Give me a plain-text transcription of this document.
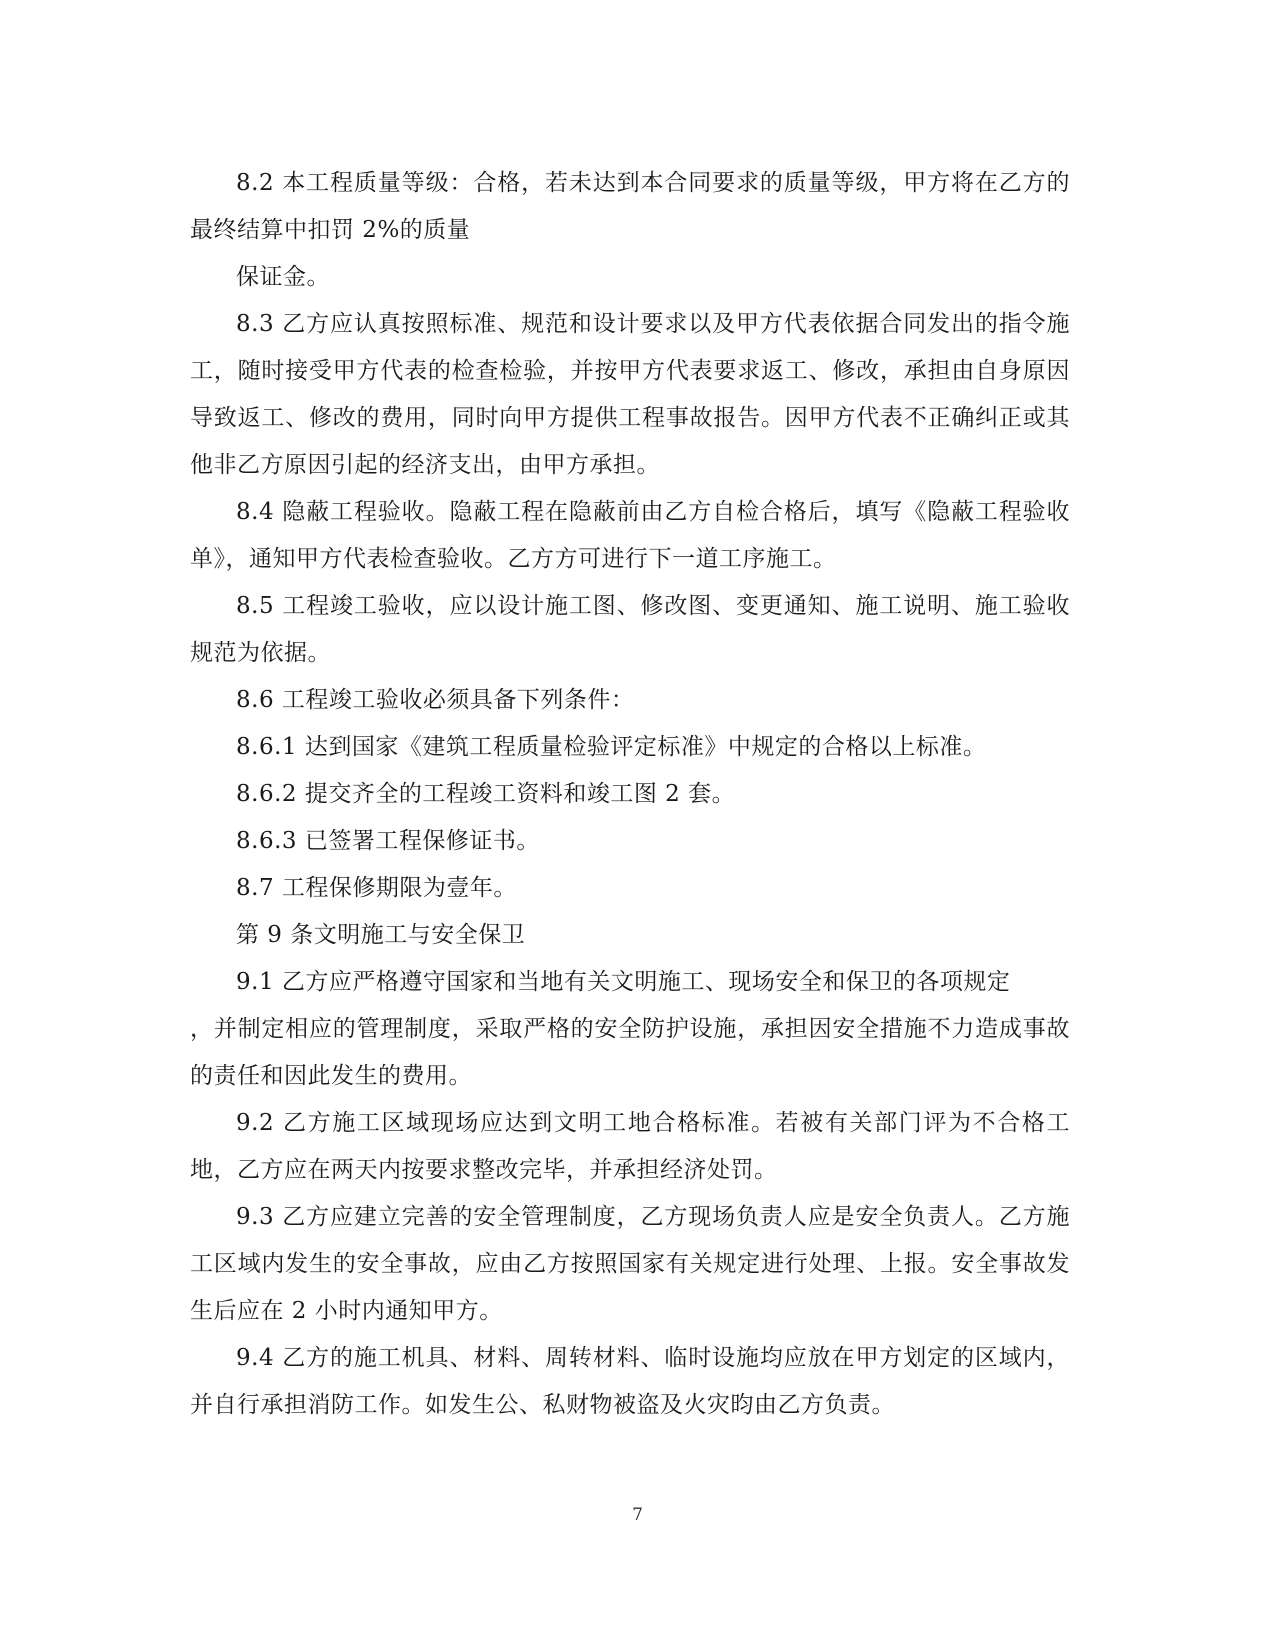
8.2 本工程质量等级：合格，若未达到本合同要求的质量等级，甲方将在乙方的最终结算中扣罚 2%的质量

保证金。

8.3 乙方应认真按照标准、规范和设计要求以及甲方代表依据合同发出的指令施工，随时接受甲方代表的检查检验，并按甲方代表要求返工、修改，承担由自身原因导致返工、修改的费用，同时向甲方提供工程事故报告。因甲方代表不正确纠正或其他非乙方原因引起的经济支出，由甲方承担。

8.4 隐蔽工程验收。隐蔽工程在隐蔽前由乙方自检合格后，填写《隐蔽工程验收单》，通知甲方代表检查验收。乙方方可进行下一道工序施工。

8.5 工程竣工验收，应以设计施工图、修改图、变更通知、施工说明、施工验收规范为依据。

8.6 工程竣工验收必须具备下列条件：

8.6.1 达到国家《建筑工程质量检验评定标准》中规定的合格以上标准。

8.6.2 提交齐全的工程竣工资料和竣工图 2 套。

8.6.3 已签署工程保修证书。

8.7 工程保修期限为壹年。

第 9 条文明施工与安全保卫

9.1 乙方应严格遵守国家和当地有关文明施工、现场安全和保卫的各项规定

，并制定相应的管理制度，采取严格的安全防护设施，承担因安全措施不力造成事故的责任和因此发生的费用。

9.2 乙方施工区域现场应达到文明工地合格标准。若被有关部门评为不合格工地，乙方应在两天内按要求整改完毕，并承担经济处罚。

9.3 乙方应建立完善的安全管理制度，乙方现场负责人应是安全负责人。乙方施工区域内发生的安全事故，应由乙方按照国家有关规定进行处理、上报。安全事故发生后应在 2 小时内通知甲方。

9.4 乙方的施工机具、材料、周转材料、临时设施均应放在甲方划定的区域内，并自行承担消防工作。如发生公、私财物被盗及火灾昀由乙方负责。

7
